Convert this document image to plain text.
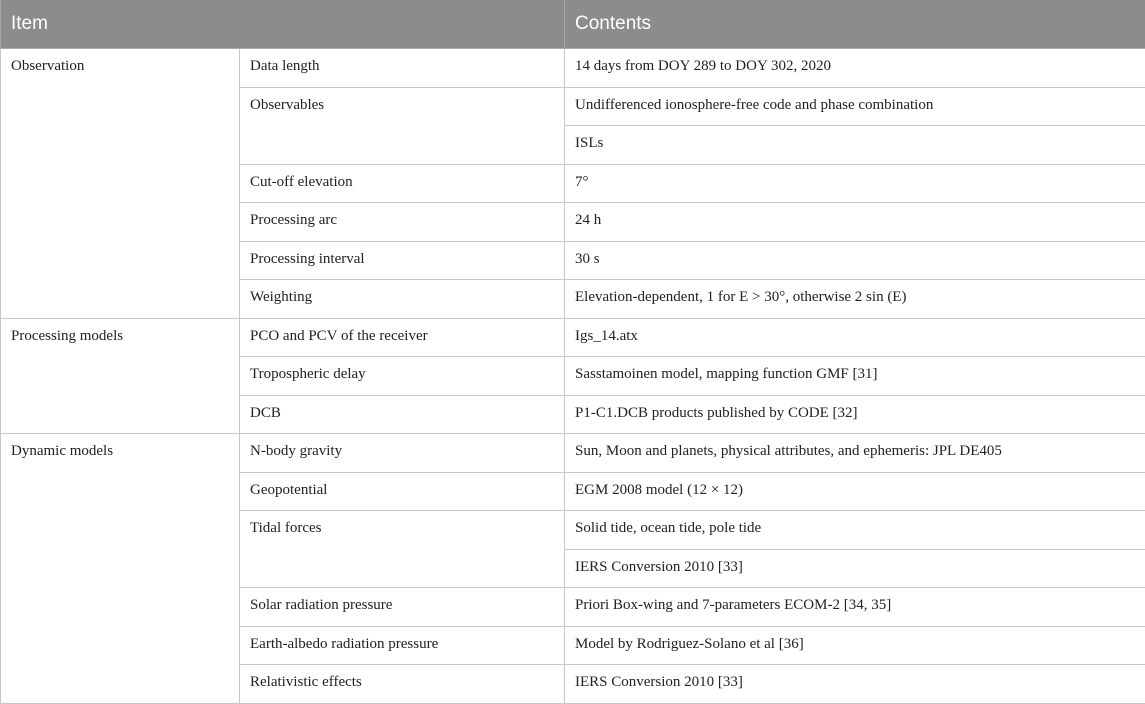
Item		Contents
Observation	Data length	14 days from DOY 289 to DOY 302, 2020
	Observables	Undifferenced ionosphere-free code and phase combination
		ISLs
	Cut-off elevation	7°
	Processing arc	24 h
	Processing interval	30 s
	Weighting	Elevation-dependent, 1 for E > 30°, otherwise 2 sin (E)
Processing models	PCO and PCV of the receiver	Igs_14.atx
	Tropospheric delay	Sasstamoinen model, mapping function GMF [31]
	DCB	P1-C1.DCB products published by CODE [32]
Dynamic models	N-body gravity	Sun, Moon and planets, physical attributes, and ephemeris: JPL DE405
	Geopotential	EGM 2008 model (12 × 12)
	Tidal forces	Solid tide, ocean tide, pole tide
		IERS Conversion 2010 [33]
	Solar radiation pressure	Priori Box-wing and 7-parameters ECOM-2 [34, 35]
	Earth-albedo radiation pressure	Model by Rodriguez-Solano et al [36]
	Relativistic effects	IERS Conversion 2010 [33]
